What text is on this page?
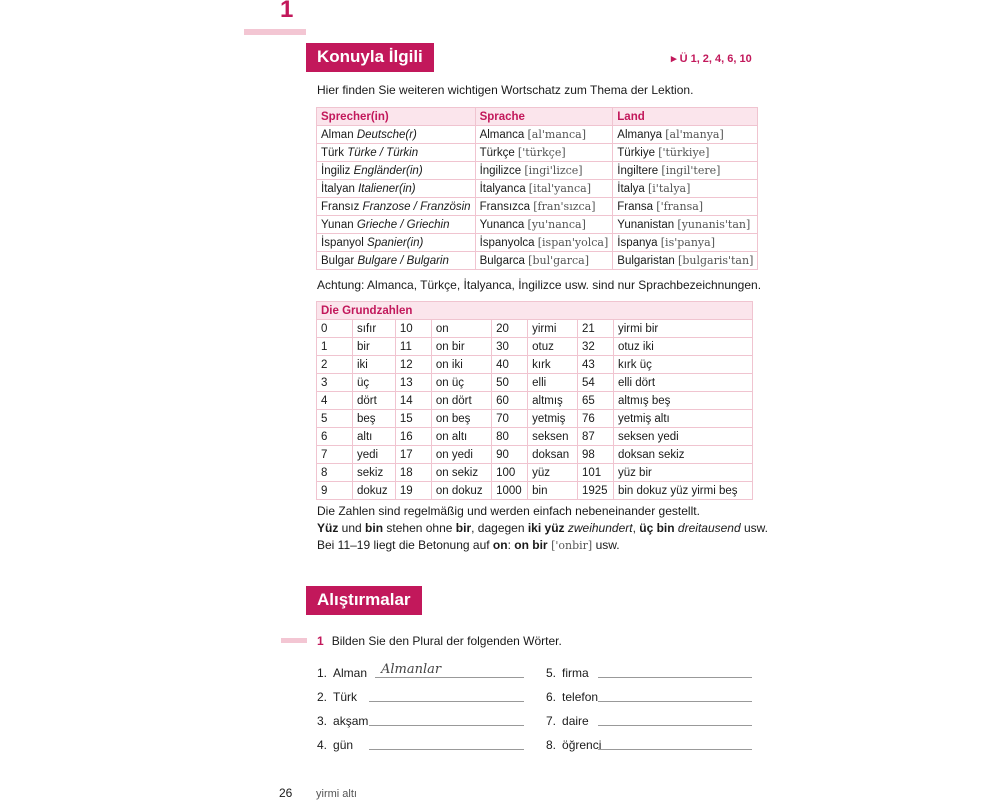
1
Konuyla İlgili	▸ Ü 1, 2, 4, 6, 10
Hier finden Sie weiteren wichtigen Wortschatz zum Thema der Lektion.
Sprecher(in)	Sprache	Land
Alman Deutsche(r)	Almanca [al'manca]	Almanya [al'manya]
Türk Türke / Türkin	Türkçe ['türkçe]	Türkiye ['türkiye]
İngiliz Engländer(in)	İngilizce [ingi'lizce]	İngiltere [ingil'tere]
İtalyan Italiener(in)	İtalyanca [ital'yanca]	İtalya [i'talya]
Fransız Franzose / Französin	Fransızca [fran'sızca]	Fransa ['fransa]
Yunan Grieche / Griechin	Yunanca [yu'nanca]	Yunanistan [yunanis'tan]
İspanyol Spanier(in)	İspanyolca [ispan'yolca]	İspanya [is'panya]
Bulgar Bulgare / Bulgarin	Bulgarca [bul'garca]	Bulgaristan [bulgaris'tan]
Achtung: Almanca, Türkçe, İtalyanca, İngilizce usw. sind nur Sprachbezeichnungen.
Die Grundzahlen							
0	sıfır	10	on	20	yirmi	21	yirmi bir
1	bir	11	on bir	30	otuz	32	otuz iki
2	iki	12	on iki	40	kırk	43	kırk üç
3	üç	13	on üç	50	elli	54	elli dört
4	dört	14	on dört	60	altmış	65	altmış beş
5	beş	15	on beş	70	yetmiş	76	yetmiş altı
6	altı	16	on altı	80	seksen	87	seksen yedi
7	yedi	17	on yedi	90	doksan	98	doksan sekiz
8	sekiz	18	on sekiz	100	yüz	101	yüz bir
9	dokuz	19	on dokuz	1000	bin	1925	bin dokuz yüz yirmi beş
Die Zahlen sind regelmäßig und werden einfach nebeneinander gestellt.
Yüz und bin stehen ohne bir, dagegen iki yüz zweihundert, üç bin dreitausend usw.
Bei 11–19 liegt die Betonung auf on: on bir ['onbir] usw.
Alıştırmalar
1 Bilden Sie den Plural der folgenden Wörter.
1. Alman Almanlar
2. Türk
3. akşam
4. gün
5. firma
6. telefon
7. daire
8. öğrenci
26 yirmi altı
